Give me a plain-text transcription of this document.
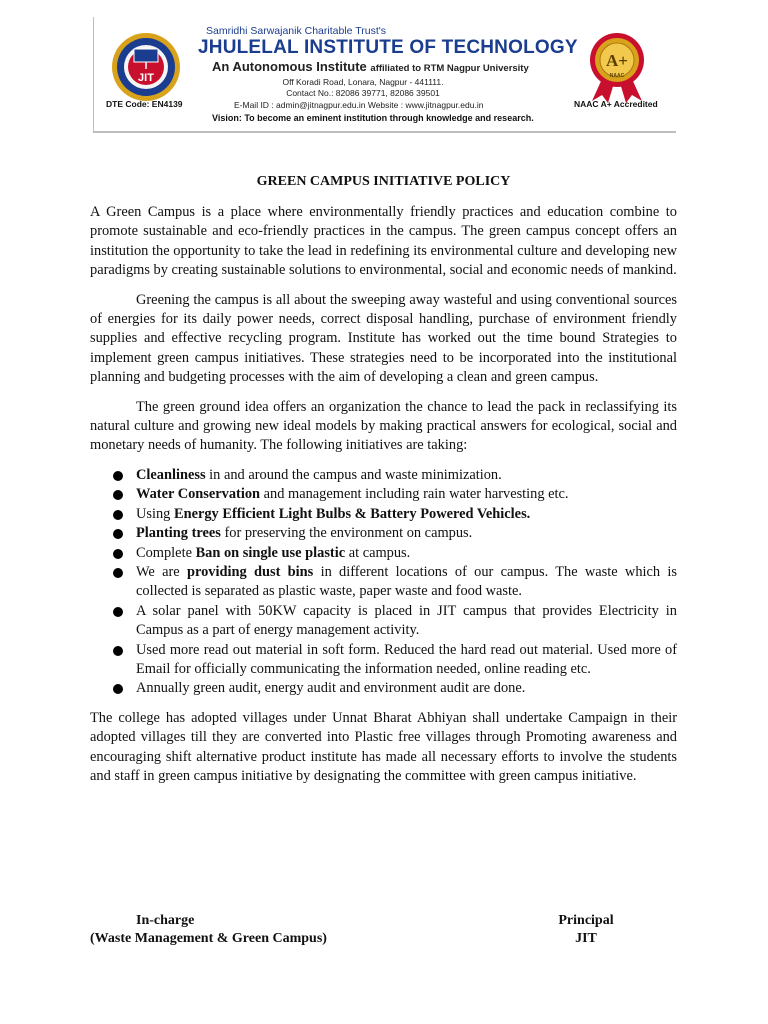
JIT
DTE Code: EN4139
Samridhi Sarwajanik Charitable Trust's
JHULELAL INSTITUTE OF TECHNOLOGY
An Autonomous Institute affiliated to RTM Nagpur University
Off Koradi Road, Lonara, Nagpur - 441111.
Contact No.: 82086 39771, 82086 39501
E-Mail ID : admin@jitnagpur.edu.in Website : www.jitnagpur.edu.in
A+
NAAC
NAAC A+ Accredited
Vision: To become an eminent institution through knowledge and research.
GREEN CAMPUS INITIATIVE POLICY

A Green Campus is a place where environmentally friendly practices and education combine to promote sustainable and eco-friendly practices in the campus. The green campus concept offers an institution the opportunity to take the lead in redefining its environmental culture and developing new paradigms by creating sustainable solutions to environmental, social and economic needs of mankind.

Greening the campus is all about the sweeping away wasteful and using conventional sources of energies for its daily power needs, correct disposal handling, purchase of environment friendly supplies and effective recycling program. Institute has worked out the time bound Strategies to implement green campus initiatives. These strategies need to be incorporated into the institutional planning and budgeting processes with the aim of developing a clean and green campus.

The green ground idea offers an organization the chance to lead the pack in reclassifying its natural culture and growing new ideal models by making practical answers for ecological, social and monetary needs of humanity. The following initiatives are taking:

Cleanliness in and around the campus and waste minimization.
Water Conservation and management including rain water harvesting etc.
Using Energy Efficient Light Bulbs & Battery Powered Vehicles.
Planting trees for preserving the environment on campus.
Complete Ban on single use plastic at campus.
We are providing dust bins in different locations of our campus. The waste which is collected is separated as plastic waste, paper waste and food waste.
A solar panel with 50KW capacity is placed in JIT campus that provides Electricity in Campus as a part of energy management activity.
Used more read out material in soft form. Reduced the hard read out material. Used more of Email for officially communicating the information needed, online reading etc.
Annually green audit, energy audit and environment audit are done.

The college has adopted villages under Unnat Bharat Abhiyan shall undertake Campaign in their adopted villages till they are converted into Plastic free villages through Promoting awareness and encouraging shift alternative product institute has made all necessary efforts to involve the students and staff in green campus initiative by designating the committee with green campus initiative.

In-charge
(Waste Management & Green Campus)
Principal
JIT
